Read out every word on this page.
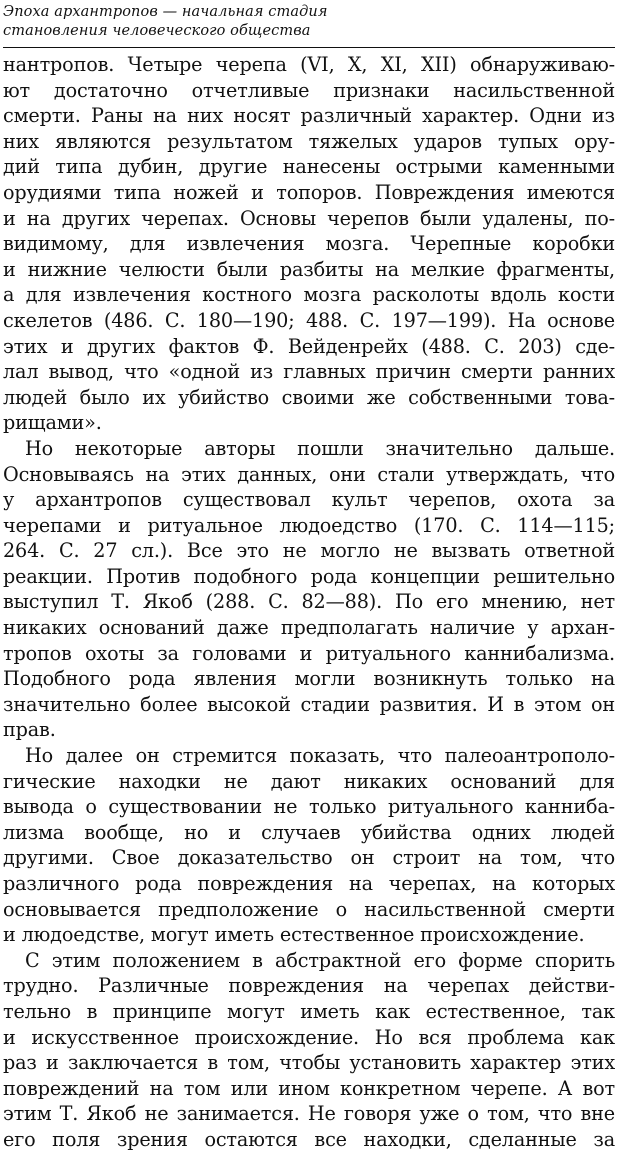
Эпоха архантропов — начальная стадия
становления человеческого общества
нантропов. Четыре черепа (VI, X, XI, XII) обнаруживаю-
ют достаточно отчетливые признаки насильственной
смерти. Раны на них носят различный характер. Одни из
них являются результатом тяжелых ударов тупых ору-
дий типа дубин, другие нанесены острыми каменными
орудиями типа ножей и топоров. Повреждения имеются
и на других черепах. Основы черепов были удалены, по-
видимому, для извлечения мозга. Черепные коробки
и нижние челюсти были разбиты на мелкие фрагменты,
а для извлечения костного мозга расколоты вдоль кости
скелетов (486. С. 180—190; 488. С. 197—199). На основе
этих и других фактов Ф. Вейденрейх (488. С. 203) сде-
лал вывод, что «одной из главных причин смерти ранних
людей было их убийство своими же собственными това-
рищами».
Но некоторые авторы пошли значительно дальше.
Основываясь на этих данных, они стали утверждать, что
у архантропов существовал культ черепов, охота за
черепами и ритуальное людоедство (170. С. 114—115;
264. С. 27 сл.). Все это не могло не вызвать ответной
реакции. Против подобного рода концепции решительно
выступил Т. Якоб (288. С. 82—88). По его мнению, нет
никаких оснований даже предполагать наличие у архан-
тропов охоты за головами и ритуального каннибализма.
Подобного рода явления могли возникнуть только на
значительно более высокой стадии развития. И в этом он
прав.
Но далее он стремится показать, что палеоантрополо-
гические находки не дают никаких оснований для
вывода о существовании не только ритуального каннибa-
лизма вообще, но и случаев убийства одних людей
другими. Свое доказательство он строит на том, что
различного рода повреждения на черепах, на которых
основывается предположение о насильственной смерти
и людоедстве, могут иметь естественное происхождение.
С этим положением в абстрактной его форме спорить
трудно. Различные повреждения на черепах действи-
тельно в принципе могут иметь как естественное, так
и искусственное происхождение. Но вся проблема как
раз и заключается в том, чтобы установить характер этих
повреждений на том или ином конкретном черепе. А вот
этим Т. Якоб не занимается. Не говоря уже о том, что вне
его поля зрения остаются все находки, сделанные за
